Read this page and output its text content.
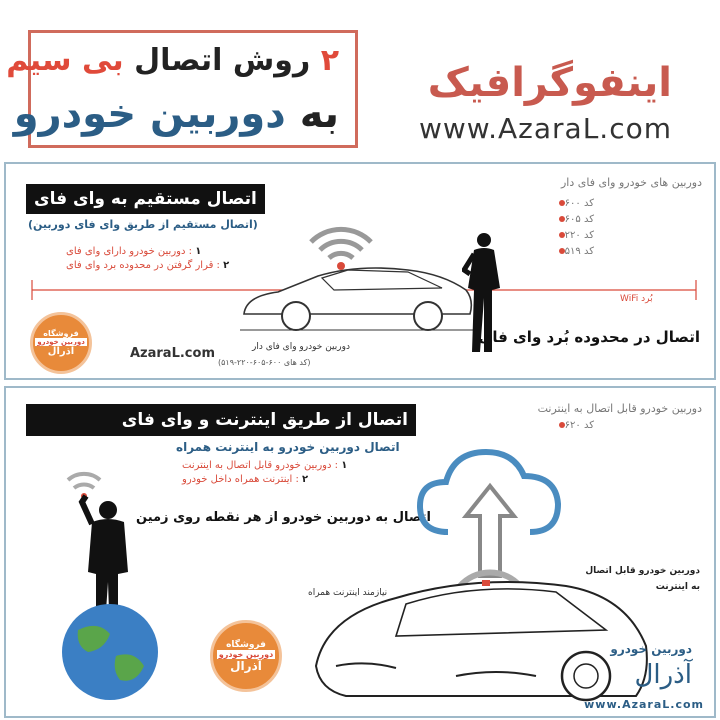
۲ روش اتصال بی سیم
به دوربین خودرو
اینفوگرافیک
www.AzaraL.com
اتصال مستقیم به وای فای
(اتصال مستقیم از طریق وای فای دوربین)
۱ : دوربین خودرو دارای وای فای
۲ : قرار گرفتن در محدوده برد وای فای
دوربین های خودرو وای فای دار
کد ۶۰۰
کد ۶۰۵
کد ۲۲۰
کد ۵۱۹
بُرد WiFi
اتصال در محدوده بُرد وای فای
دوربین خودرو وای فای دار
(کد های ۶۰۰-۶۰۵-۲۲۰-۵۱۹)
AzaraL.com
فروشگاه
دوربین خودرو
آذرال
اتصال از طریق اینترنت و وای فای
اتصال دوربین خودرو به اینترنت همراه
۱ : دوربین خودرو قابل اتصال به اینترنت
۲ : اینترنت همراه داخل خودرو
دوربین خودرو قابل اتصال به اینترنت
کد ۶۲۰
اتصال به دوربین خودرو از هر نقطه روی زمین
نیازمند اینترنت همراه
دوربین خودرو قابل اتصال
به اینترنت
فروشگاه
دوربین خودرو
آذرال
دوربین خودرو
آذرال
www.AzaraL.com
